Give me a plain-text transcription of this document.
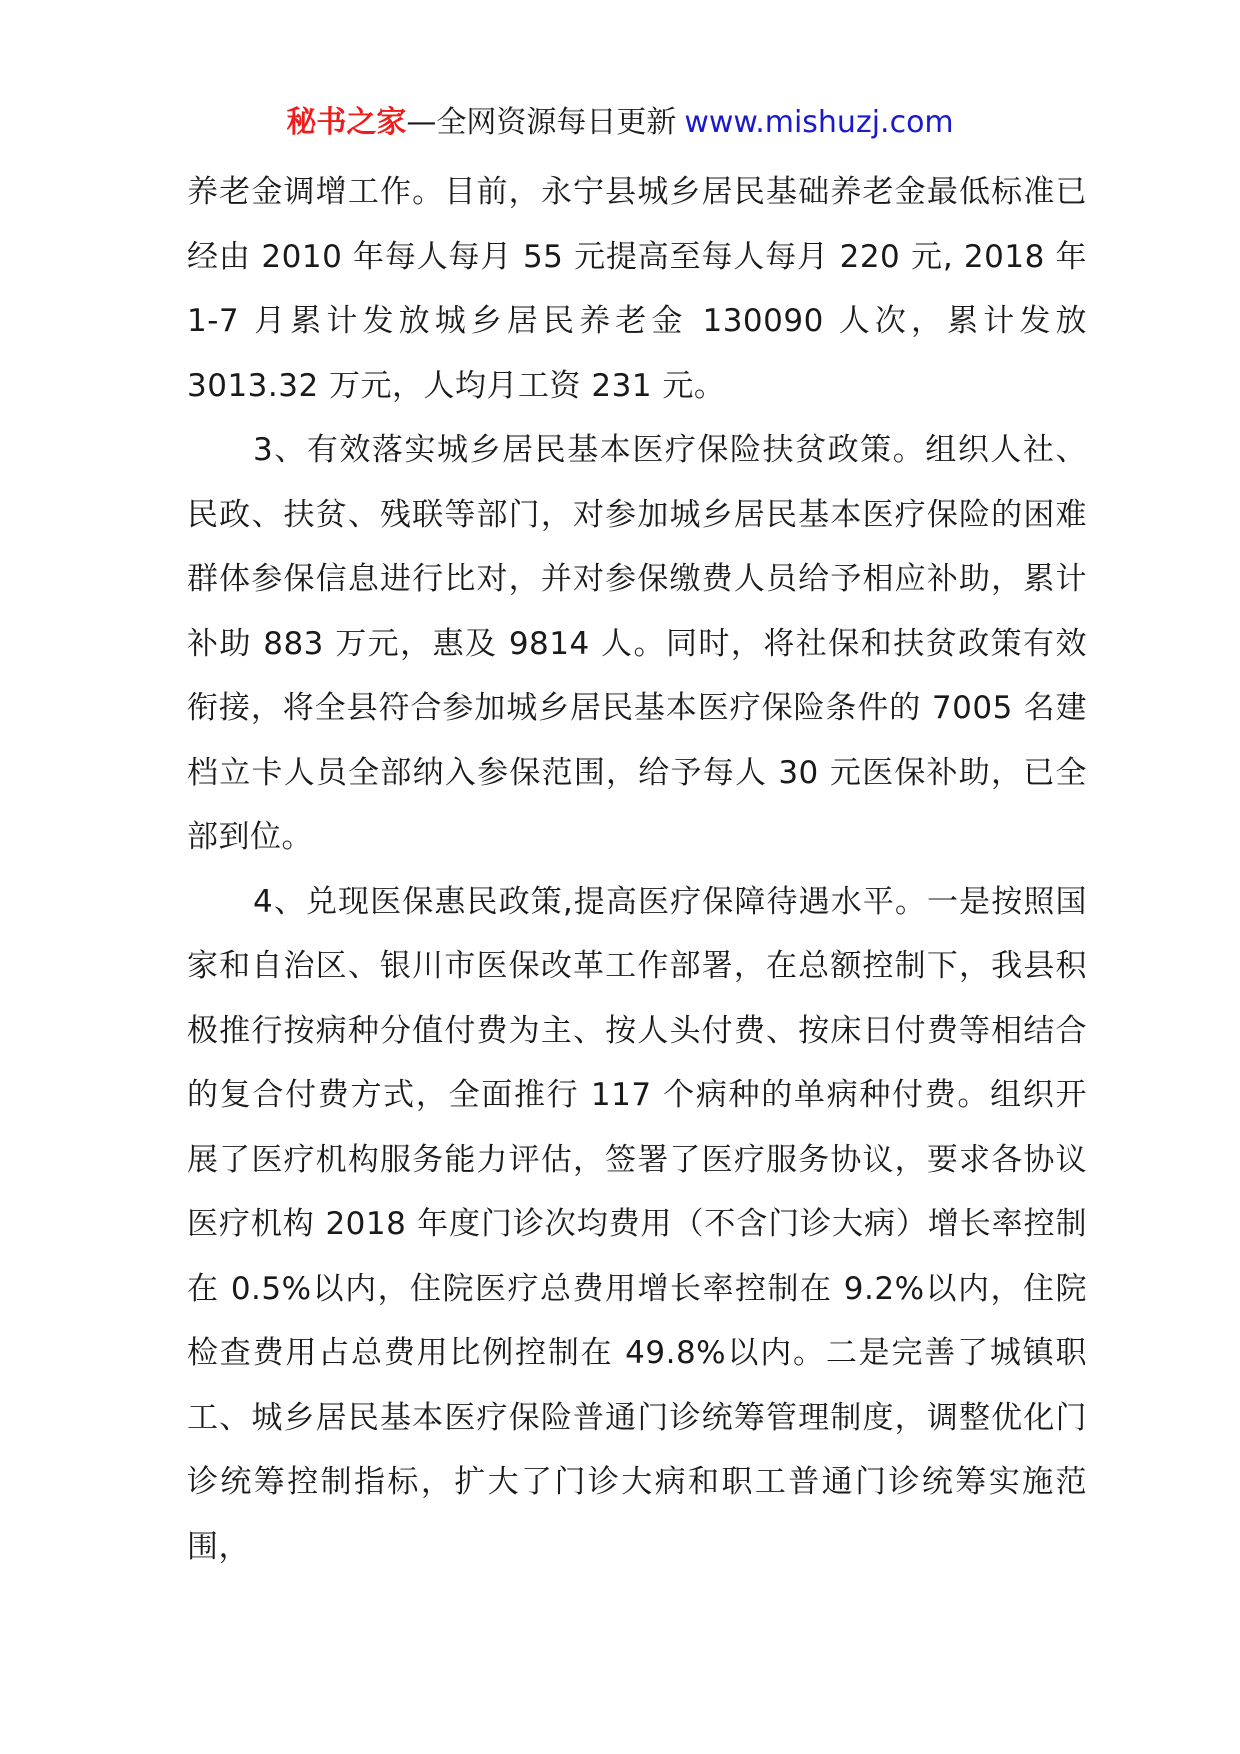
秘书之家—全网资源每日更新 www.mishuzj.com

养老金调增工作。目前，永宁县城乡居民基础养老金最低标准已经由 2010 年每人每月 55 元提高至每人每月 220 元, 2018 年 1-7 月累计发放城乡居民养老金 130090 人次，累计发放 3013.32 万元，人均月工资 231 元。

3、有效落实城乡居民基本医疗保险扶贫政策。组织人社、民政、扶贫、残联等部门，对参加城乡居民基本医疗保险的困难群体参保信息进行比对，并对参保缴费人员给予相应补助，累计补助 883 万元，惠及 9814 人。同时，将社保和扶贫政策有效衔接，将全县符合参加城乡居民基本医疗保险条件的 7005 名建档立卡人员全部纳入参保范围，给予每人 30 元医保补助，已全部到位。

4、兑现医保惠民政策,提高医疗保障待遇水平。一是按照国家和自治区、银川市医保改革工作部署，在总额控制下，我县积极推行按病种分值付费为主、按人头付费、按床日付费等相结合的复合付费方式，全面推行 117 个病种的单病种付费。组织开展了医疗机构服务能力评估，签署了医疗服务协议，要求各协议医疗机构 2018 年度门诊次均费用（不含门诊大病）增长率控制在 0.5%以内，住院医疗总费用增长率控制在 9.2%以内，住院检查费用占总费用比例控制在 49.8%以内。二是完善了城镇职工、城乡居民基本医疗保险普通门诊统筹管理制度，调整优化门诊统筹控制指标，扩大了门诊大病和职工普通门诊统筹实施范围，
